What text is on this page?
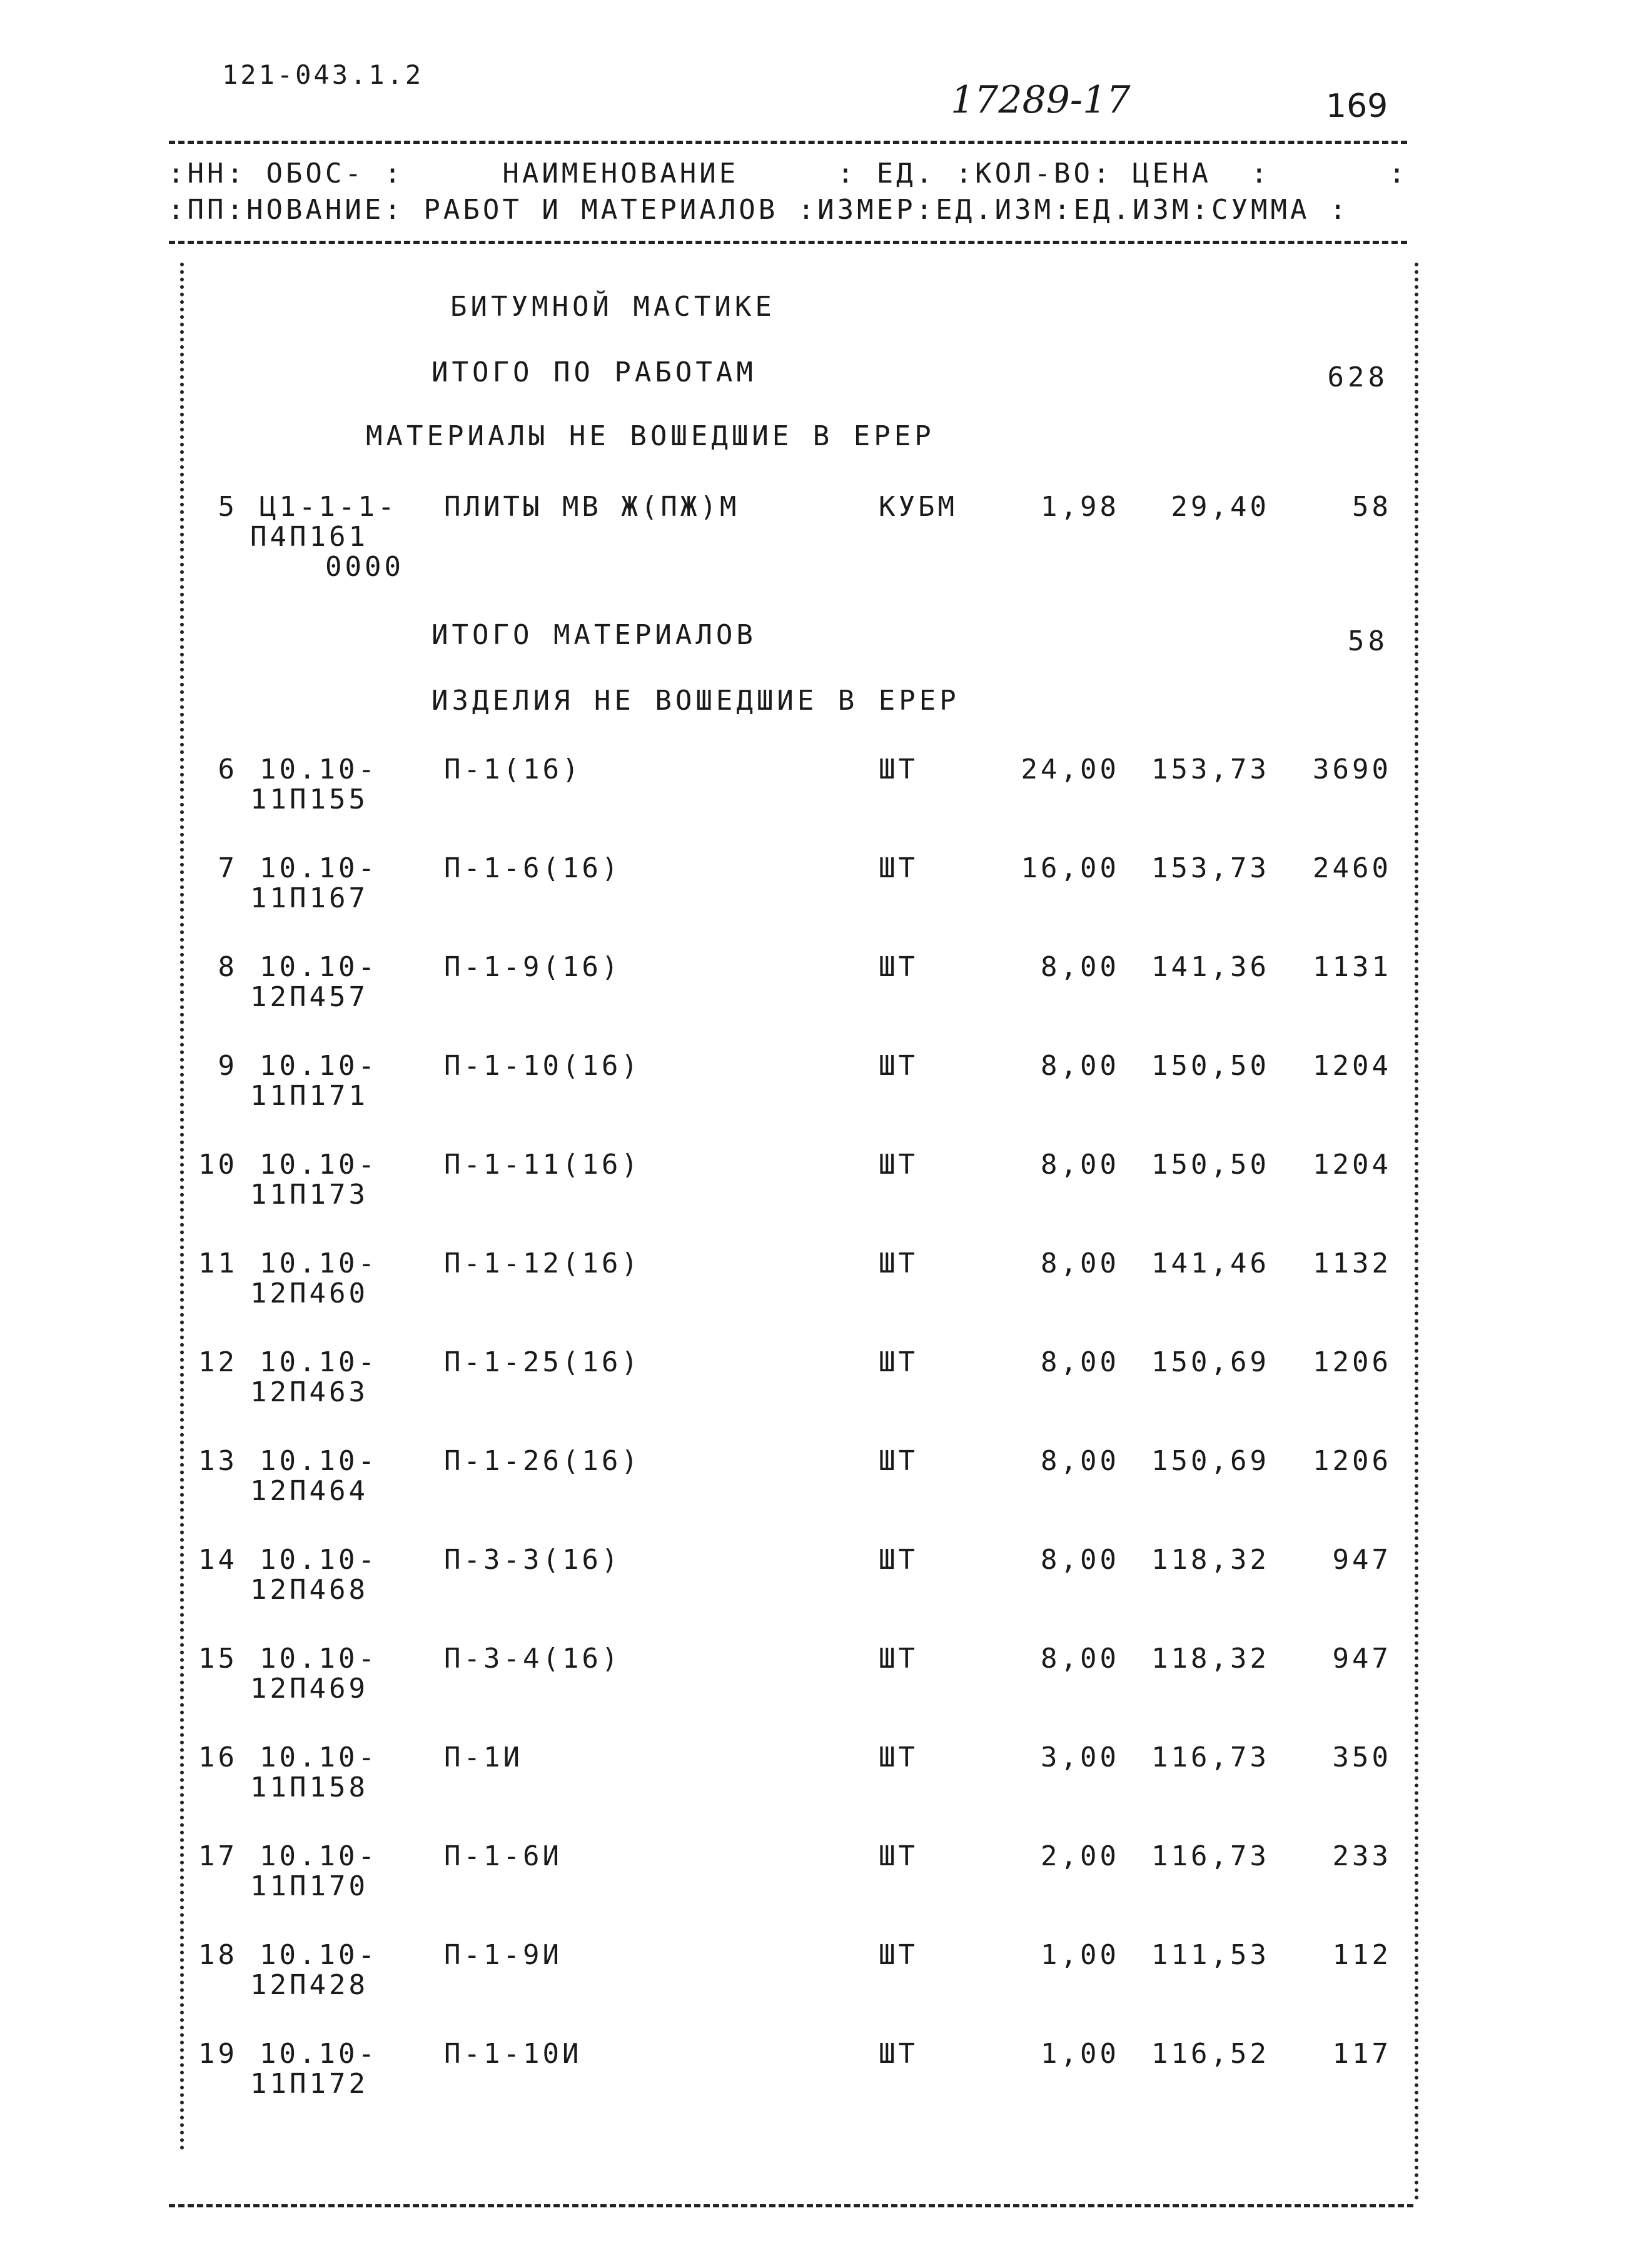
121-043.1.2
17289-17	169
:НН: ОБОС- :     НАИМЕНОВАНИЕ     : ЕД. :КОЛ-ВО: ЦЕНА  :      :
:ПП:НОВАНИЕ: РАБОТ И МАТЕРИАЛОВ :ИЗМЕР:ЕД.ИЗМ:ЕД.ИЗМ:СУММА :
БИТУМНОЙ МАСТИКЕ
ИТОГО ПО РАБОТАМ	628
МАТЕРИАЛЫ НЕ ВОШЕДШИЕ В ЕРЕР
5 Ц1-1-1-	ПЛИТЫ МВ Ж(ПЖ)М	КУБМ	1,98	29,40	58
П4П161
0000
6 10.10-	П-1(16)	ШТ	24,00	153,73	3690
11П155
7 10.10-	П-1-6(16)	ШТ	16,00	153,73	2460
11П167
8 10.10-	П-1-9(16)	ШТ	8,00	141,36	1131
12П457
9 10.10-	П-1-10(16)	ШТ	8,00	150,50	1204
11П171
10 10.10-	П-1-11(16)	ШТ	8,00	150,50	1204
11П173
11 10.10-	П-1-12(16)	ШТ	8,00	141,46	1132
12П460
12 10.10-	П-1-25(16)	ШТ	8,00	150,69	1206
12П463
13 10.10-	П-1-26(16)	ШТ	8,00	150,69	1206
12П464
14 10.10-	П-3-3(16)	ШТ	8,00	118,32	947
12П468
15 10.10-	П-3-4(16)	ШТ	8,00	118,32	947
12П469
16 10.10-	П-1И	ШТ	3,00	116,73	350
11П158
17 10.10-	П-1-6И	ШТ	2,00	116,73	233
11П170
18 10.10-	П-1-9И	ШТ	1,00	111,53	112
12П428
19 10.10-	П-1-10И	ШТ	1,00	116,52	117
11П172
ИТОГО МАТЕРИАЛОВ	58
ИЗДЕЛИЯ НЕ ВОШЕДШИЕ В ЕРЕР
